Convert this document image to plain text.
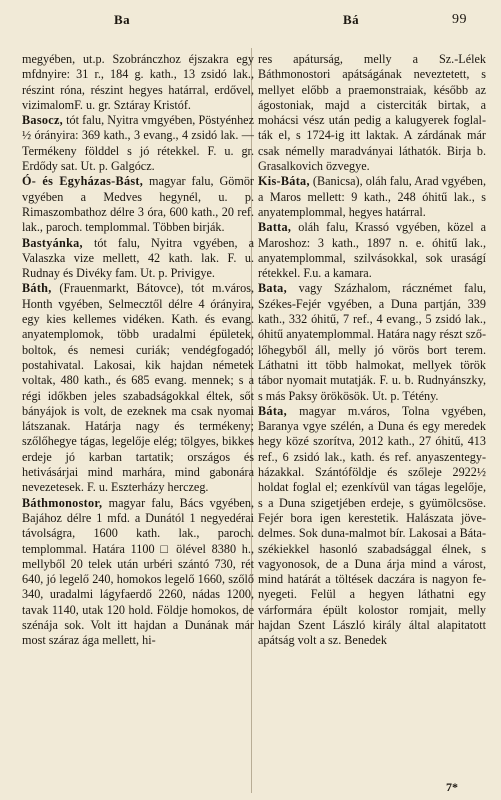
Ba	Bá	99

megyében, ut.p. Szobránczhoz éjszakra egy mfdnyire: 31 r., 184 g. kath., 13 zsidó lak., részint róna, részint hegyes határral, erdővel, vizimalomF. u. gr. Sztáray Kristóf.

Basocz, tót falu, Nyitra vmgyében, Pöstyénhez ½ órányira: 369 kath., 3 evang., 4 zsidó lak. — Termékeny földdel s jó rétekkel. F. u. gr. Erdődy sat. Ut. p. Galgócz.

Ó- és Egyházas-Bást, magyar falu, Gömör vgyében a Medves hegynél, u. p. Rimaszombathoz délre 3 óra, 600 kath., 20 ref. lak., paroch. templommal. Többen birják.

Bastyánka, tót falu, Nyitra vgyében, a Valaszka vize mellett, 42 kath. lak. F. u. Rudnay és Divéky fam. Ut. p. Privigye.

Báth, (Frauenmarkt, Bátovce), tót m.város, Honth vgyében, Selmecztől délre 4 órányira, egy kies kellemes vidéken. Kath. és evang. anyatemplomok, több uradalmi épületek, boltok, és nemesi curiák; vendégfogadó; postahivatal. Lakosai, kik hajdan németek voltak, 480 kath., és 685 evang. mennek; s a régi időkben jeles szabadságokkal éltek, sőt bányájok is volt, de ezeknek ma csak nyomai látszanak. Határja nagy és termékeny; szőlőhegye tágas, legelője elég; tölgyes, bikkes erdeje jó karban tartatik; országos és hetivásárjai mind marhára, mind gabonára nevezetesek. F. u. Eszterházy herczeg.

Báthmonostor, magyar falu, Bács vgyében, Bajához délre 1 mfd. a Dunától 1 negyedérai távolságra, 1600 kath. lak., paroch. templommal. Határa 1100 □ ölével 8380 h., mellyből 20 telek után urbéri szántó 730, rét 640, jó legelő 240, homokos legelő 1660, szőlő 340, uradalmi lágyfaerdő 2260, nádas 1200, tavak 1140, utak 120 hold. Földje homokos, de szénája sok. Volt itt hajdan a Dunának már most száraz ága mellett, hi-

res apáturság, melly a Sz.-Lélek Báthmonostori apátságának neveztetett, s mellyet előbb a praemonstraiak, később az ágostoniak, majd a cisterciták birtak, a mohácsi vész után pedig a kalugyerek foglalták el, s 1724-ig itt laktak. A zárdának már csak némelly maradványai láthatók. Birja b. Grasalkovich özvegye.

Kis-Báta, (Banicsa), oláh falu, Arad vgyében, a Maros mellett: 9 kath., 248 óhitű lak., s anyatemplommal, hegyes határral.

Batta, oláh falu, Krassó vgyében, közel a Maroshoz: 3 kath., 1897 n. e. óhitű lak., anyatemplommal, szilvásokkal, sok uraságí rétekkel. F.u. a kamara.

Bata, vagy Százhalom, rácznémet falu, Székes-Fejér vgyében, a Duna partján, 339 kath., 332 óhitű, 7 ref., 4 evang., 5 zsidó lak., óhitű anyatemplommal. Határa nagy részt szőlőhegyből áll, melly jó vörös bort terem. Láthatni itt több halmokat, mellyek török tábor nyomait mutatják. F. u. b. Rudnyánszky, s más Paksy örökösök. Ut. p. Tétény.

Báta, magyar m.város, Tolna vgyében, Baranya vgye szélén, a Duna és egy meredek hegy közé szorítva, 2012 kath., 27 óhitű, 413 ref., 6 zsidó lak., kath. és ref. anyaszentegyházakkal. Szántóföldje és szőleje 2922½ holdat foglal el; ezenkívül van tágas legelője, s a Duna szigetjében erdeje, s gyümölcsöse. Fejér bora igen kerestetik. Halászata jövedelmes. Sok duna-malmot bír. Lakosai a Báta-székiekkel hasonló szabadsággal élnek, s vagyonosok, de a Duna árja mind a várost, mind határát a töltések daczára is nagyon fenyegeti. Felül a hegyen láthatni egy várformára épült kolostor romjait, melly hajdan Szent László király által alapitatott apátság volt a sz. Benedek

7*
